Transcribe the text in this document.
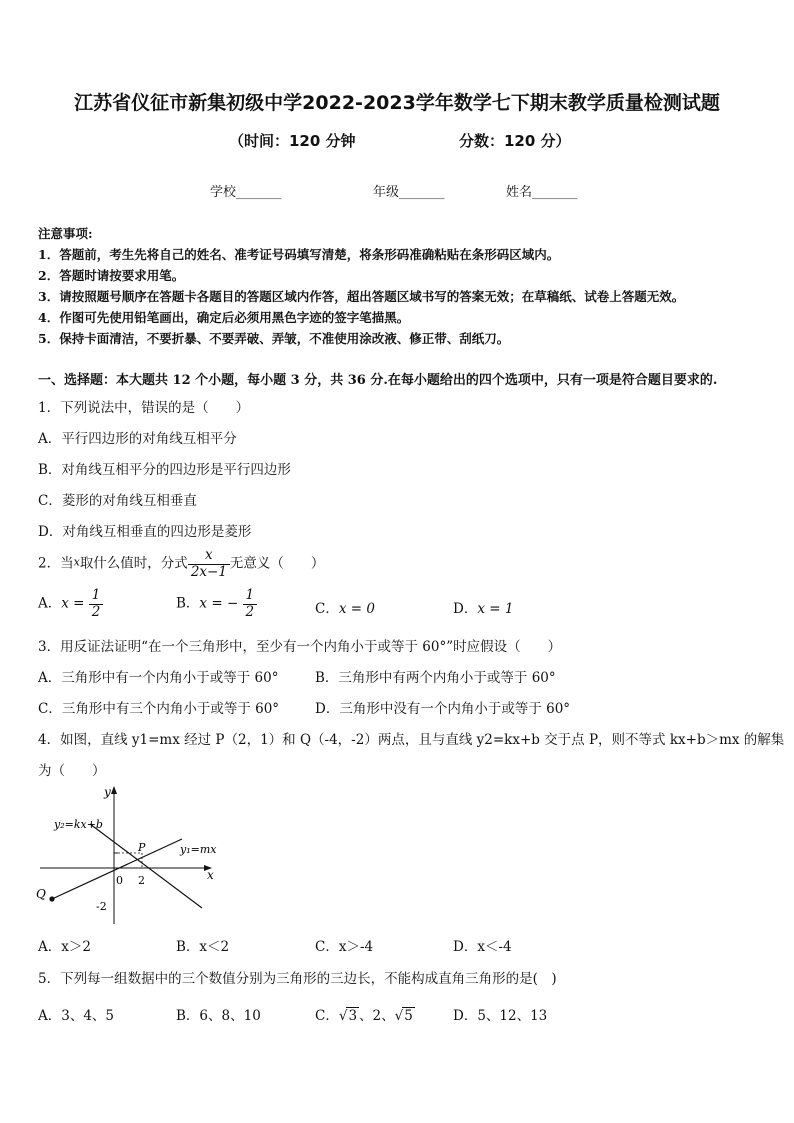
江苏省仪征市新集初级中学2022-2023学年数学七下期末教学质量检测试题
（时间：120 分钟	分数：120 分）
学校_______	年级_______	姓名_______
注意事项:
1．答题前，考生先将自己的姓名、准考证号码填写清楚，将条形码准确粘贴在条形码区域内。
2．答题时请按要求用笔。
3．请按照题号顺序在答题卡各题目的答题区域内作答，超出答题区域书写的答案无效；在草稿纸、试卷上答题无效。
4．作图可先使用铅笔画出，确定后必须用黑色字迹的签字笔描黑。
5．保持卡面清洁，不要折暴、不要弄破、弄皱，不准使用涂改液、修正带、刮纸刀。
一、选择题：本大题共 12 个小题，每小题 3 分，共 36 分.在每小题给出的四个选项中，只有一项是符合题目要求的.
1．下列说法中，错误的是（　　）
A．平行四边形的对角线互相平分
B．对角线互相平分的四边形是平行四边形
C．菱形的对角线互相垂直
D．对角线互相垂直的四边形是菱形
2．当x取什么值时，分式 $\frac{x}{2x-1}$ 无意义（　　）
A．$x = \frac{1}{2}$	B．x = − $\frac{1}{2}$	C．x = 0	D．x = 1
3．用反证法证明“在一个三角形中，至少有一个内角小于或等于 60°”时应假设（　　）
A．三角形中有一个内角小于或等于 60°	B．三角形中有两个内角小于或等于 60°
C．三角形中有三个内角小于或等于 60°	D．三角形中没有一个内角小于或等于 60°
4．如图，直线 y1=mx 经过 P（2，1）和 Q（-4，-2）两点，且与直线 y2=kx+b 交于点 P，则不等式 kx+b＞mx 的解集
为（　　）
y
x
y₂=kx+b
y₁=mx
P
Q
0 2
-2
A．x＞2	B．x＜2	C．x＞-4	D．x＜-4
5．下列每一组数据中的三个数值分别为三角形的三边长，不能构成直角三角形的是(　)
A．3、4、5	B．6、8、10	C．√3 、2、√5	D．5、12、13
